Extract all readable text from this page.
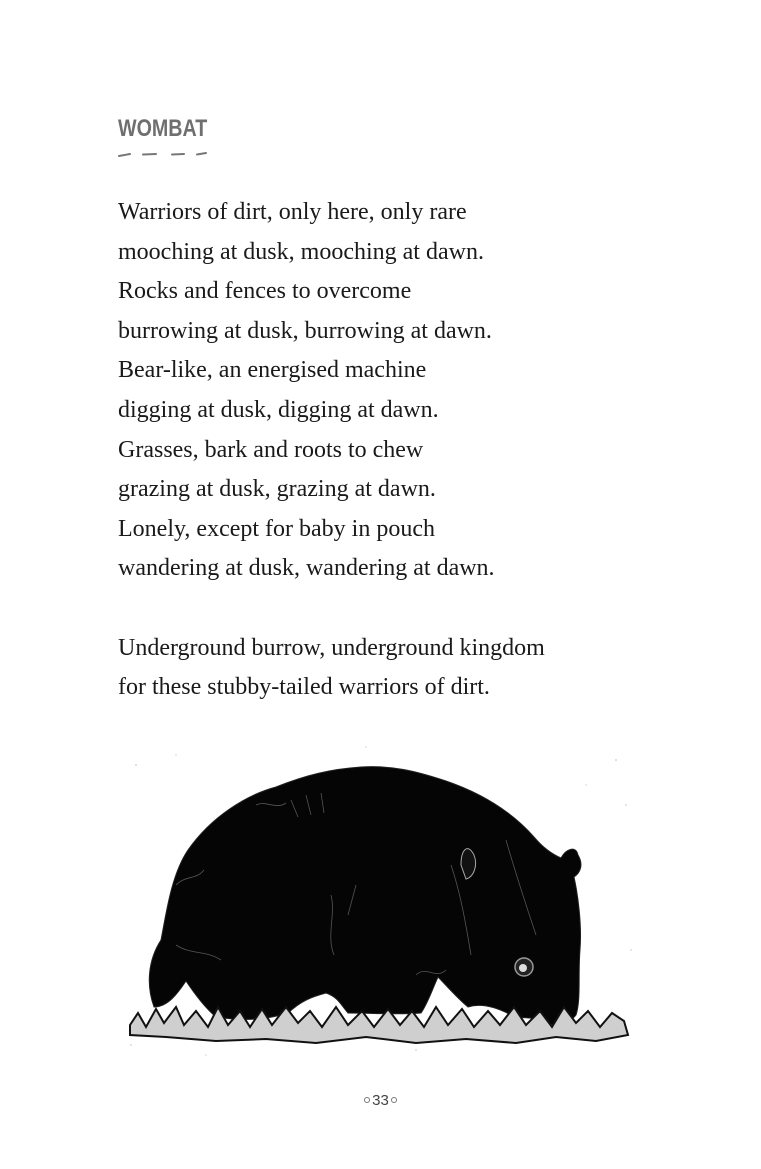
WOMBAT
Warriors of dirt, only here, only rare
mooching at dusk, mooching at dawn.
Rocks and fences to overcome
burrowing at dusk, burrowing at dawn.
Bear-like, an energised machine
digging at dusk, digging at dawn.
Grasses, bark and roots to chew
grazing at dusk, grazing at dawn.
Lonely, except for baby in pouch
wandering at dusk, wandering at dawn.
Underground burrow, underground kingdom
for these stubby-tailed warriors of dirt.
33
